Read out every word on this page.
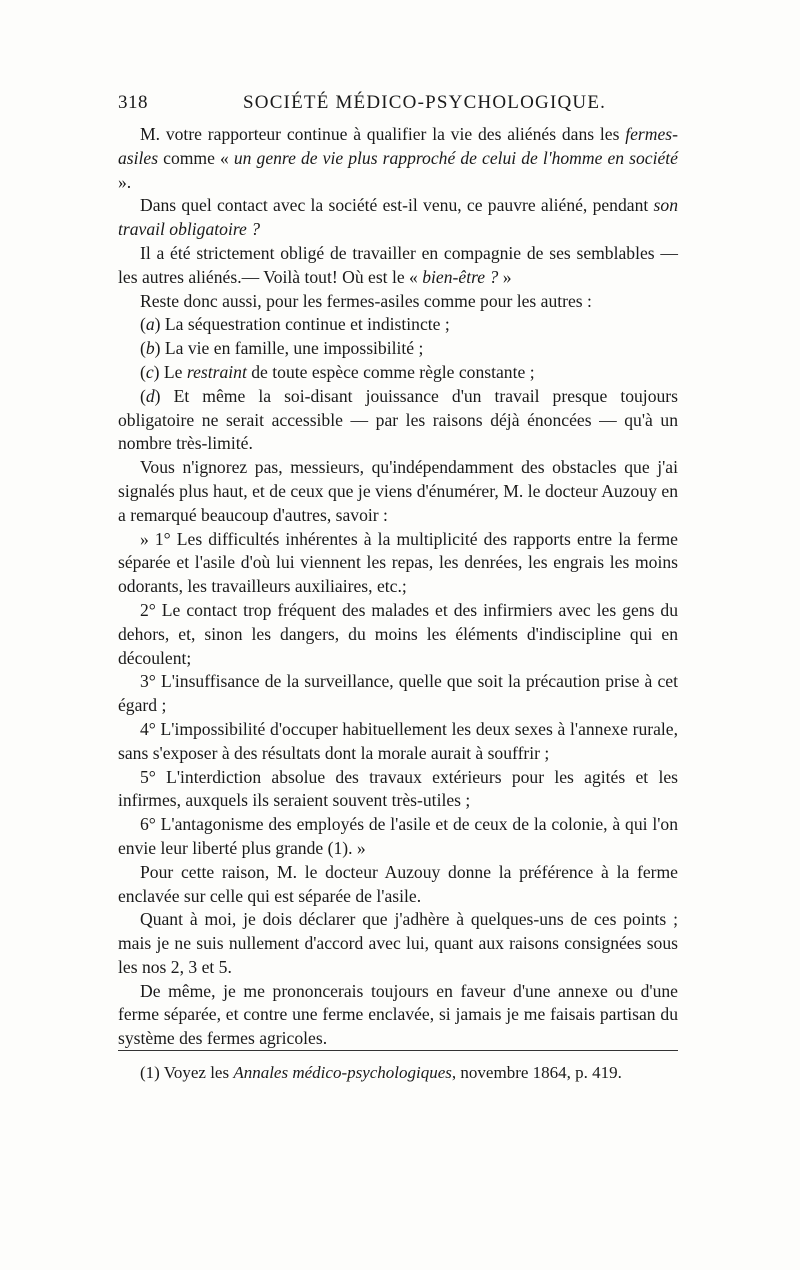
318	SOCIÉTÉ MÉDICO-PSYCHOLOGIQUE.

M. votre rapporteur continue à qualifier la vie des aliénés dans les fermes-asiles comme « un genre de vie plus rapproché de celui de l'homme en société ».

Dans quel contact avec la société est-il venu, ce pauvre aliéné, pendant son travail obligatoire ?

Il a été strictement obligé de travailler en compagnie de ses semblables — les autres aliénés.— Voilà tout! Où est le « bien-être ? »

Reste donc aussi, pour les fermes-asiles comme pour les autres :

(a) La séquestration continue et indistincte ;

(b) La vie en famille, une impossibilité ;

(c) Le restraint de toute espèce comme règle constante ;

(d) Et même la soi-disant jouissance d'un travail presque toujours obligatoire ne serait accessible — par les raisons déjà énoncées — qu'à un nombre très-limité.

Vous n'ignorez pas, messieurs, qu'indépendamment des obstacles que j'ai signalés plus haut, et de ceux que je viens d'énumérer, M. le docteur Auzouy en a remarqué beaucoup d'autres, savoir :

» 1° Les difficultés inhérentes à la multiplicité des rapports entre la ferme séparée et l'asile d'où lui viennent les repas, les denrées, les engrais les moins odorants, les travailleurs auxiliaires, etc.;

2° Le contact trop fréquent des malades et des infirmiers avec les gens du dehors, et, sinon les dangers, du moins les éléments d'indiscipline qui en découlent;

3° L'insuffisance de la surveillance, quelle que soit la précaution prise à cet égard ;

4° L'impossibilité d'occuper habituellement les deux sexes à l'annexe rurale, sans s'exposer à des résultats dont la morale aurait à souffrir ;

5° L'interdiction absolue des travaux extérieurs pour les agités et les infirmes, auxquels ils seraient souvent très-utiles ;

6° L'antagonisme des employés de l'asile et de ceux de la colonie, à qui l'on envie leur liberté plus grande (1). »

Pour cette raison, M. le docteur Auzouy donne la préférence à la ferme enclavée sur celle qui est séparée de l'asile.

Quant à moi, je dois déclarer que j'adhère à quelques-uns de ces points ; mais je ne suis nullement d'accord avec lui, quant aux raisons consignées sous les nos 2, 3 et 5.

De même, je me prononcerais toujours en faveur d'une annexe ou d'une ferme séparée, et contre une ferme enclavée, si jamais je me faisais partisan du système des fermes agricoles.

(1) Voyez les Annales médico-psychologiques, novembre 1864, p. 419.
